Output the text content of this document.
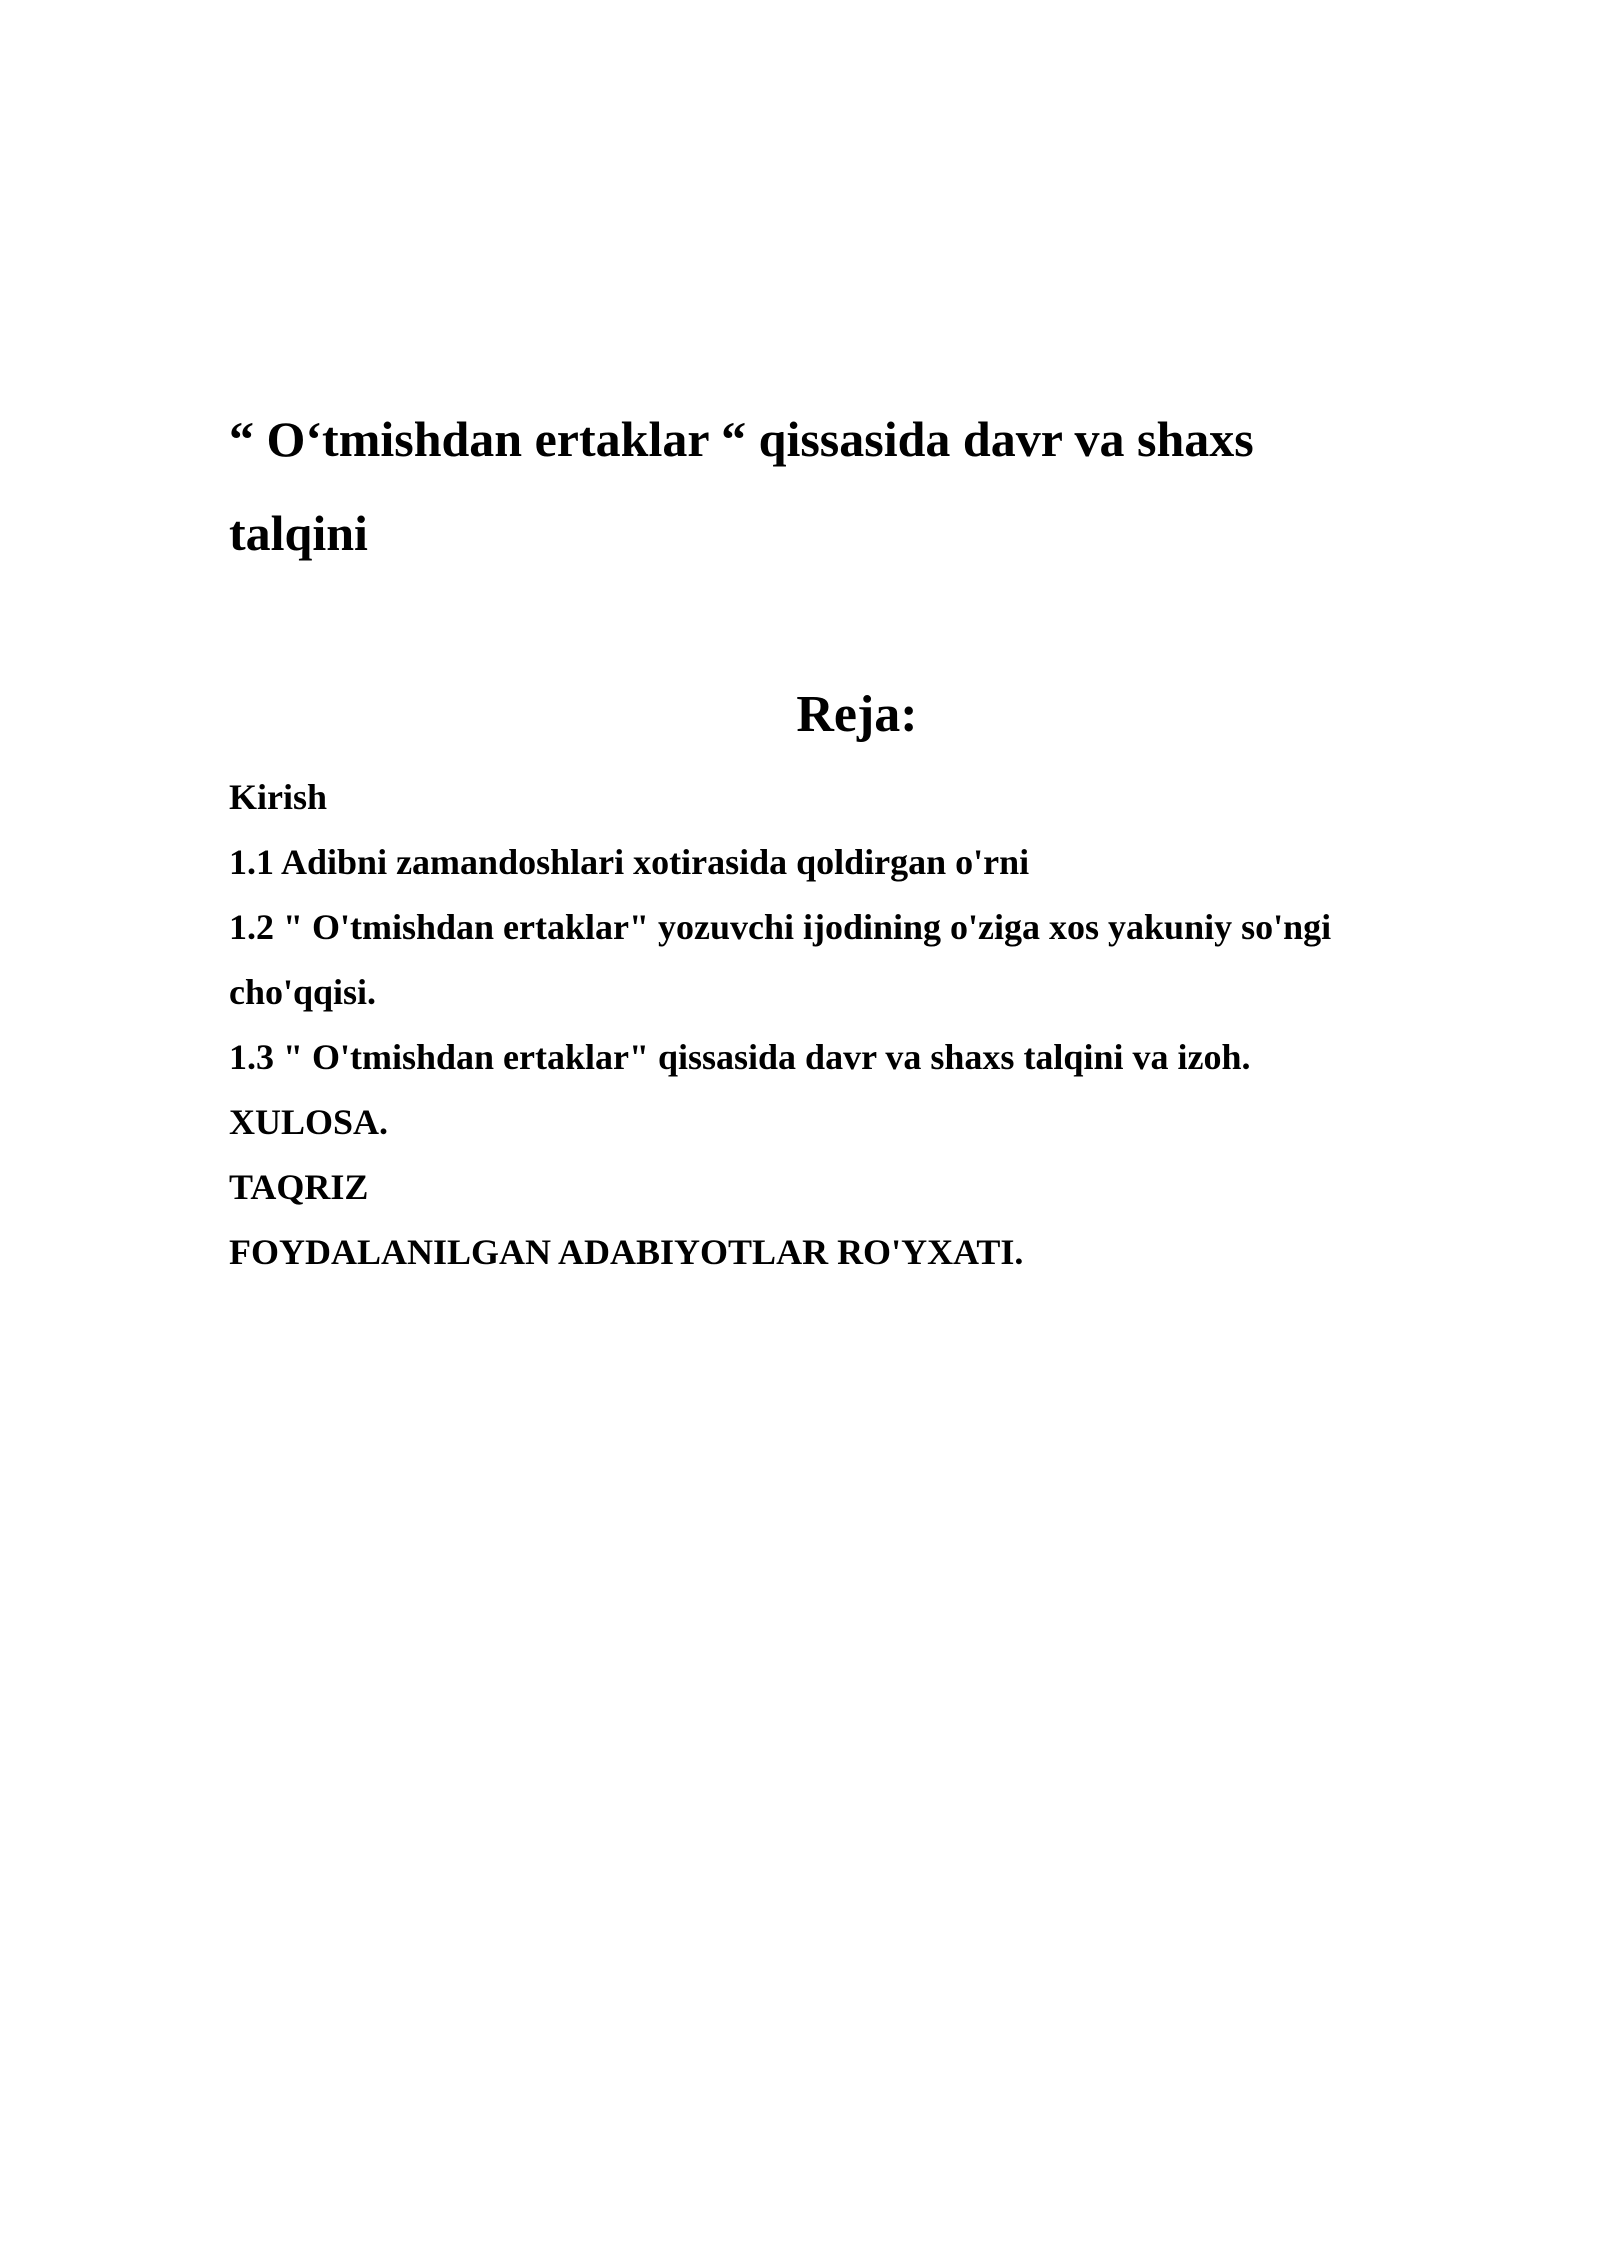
“ O‘tmishdan ertaklar “ qissasida davr va shaxs
talqini
Reja:
Kirish
1.1 Adibni zamandoshlari xotirasida qoldirgan o'rni
1.2 " O'tmishdan ertaklar" yozuvchi ijodining o'ziga xos yakuniy so'ngi
cho'qqisi.
1.3 " O'tmishdan ertaklar" qissasida davr va shaxs talqini va izoh.
XULOSA.
TAQRIZ
FOYDALANILGAN ADABIYOTLAR RO'YXATI.
